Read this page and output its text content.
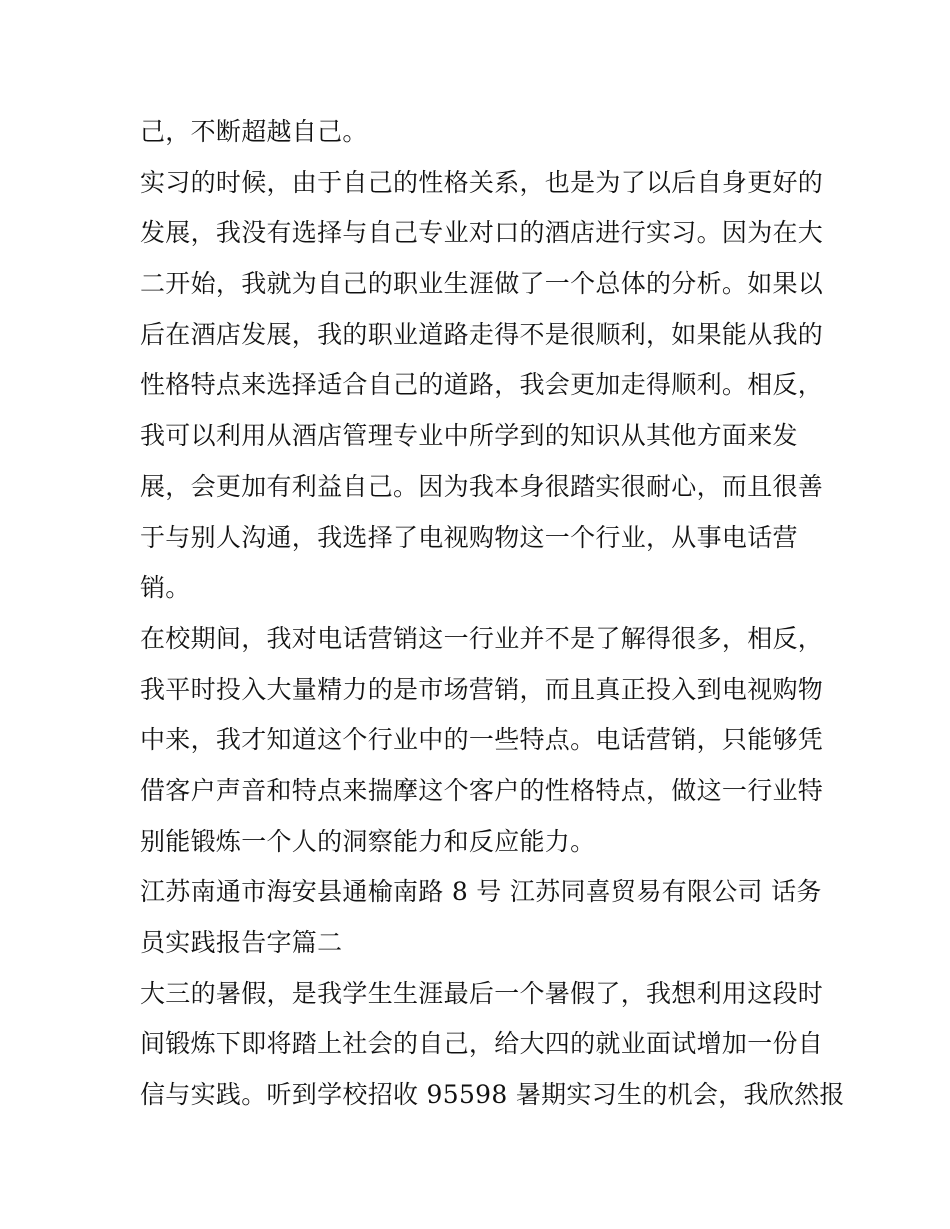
己，不断超越自己。
实习的时候，由于自己的性格关系，也是为了以后自身更好的
发展，我没有选择与自己专业对口的酒店进行实习。因为在大
二开始，我就为自己的职业生涯做了一个总体的分析。如果以
后在酒店发展，我的职业道路走得不是很顺利，如果能从我的
性格特点来选择适合自己的道路，我会更加走得顺利。相反，
我可以利用从酒店管理专业中所学到的知识从其他方面来发
展，会更加有利益自己。因为我本身很踏实很耐心，而且很善
于与别人沟通，我选择了电视购物这一个行业，从事电话营
销。
在校期间，我对电话营销这一行业并不是了解得很多，相反，
我平时投入大量精力的是市场营销，而且真正投入到电视购物
中来，我才知道这个行业中的一些特点。电话营销，只能够凭
借客户声音和特点来揣摩这个客户的性格特点，做这一行业特
别能锻炼一个人的洞察能力和反应能力。
江苏南通市海安县通榆南路 8 号 江苏同喜贸易有限公司 话务
员实践报告字篇二
大三的暑假，是我学生生涯最后一个暑假了，我想利用这段时
间锻炼下即将踏上社会的自己，给大四的就业面试增加一份自
信与实践。听到学校招收 95598 暑期实习生的机会，我欣然报
